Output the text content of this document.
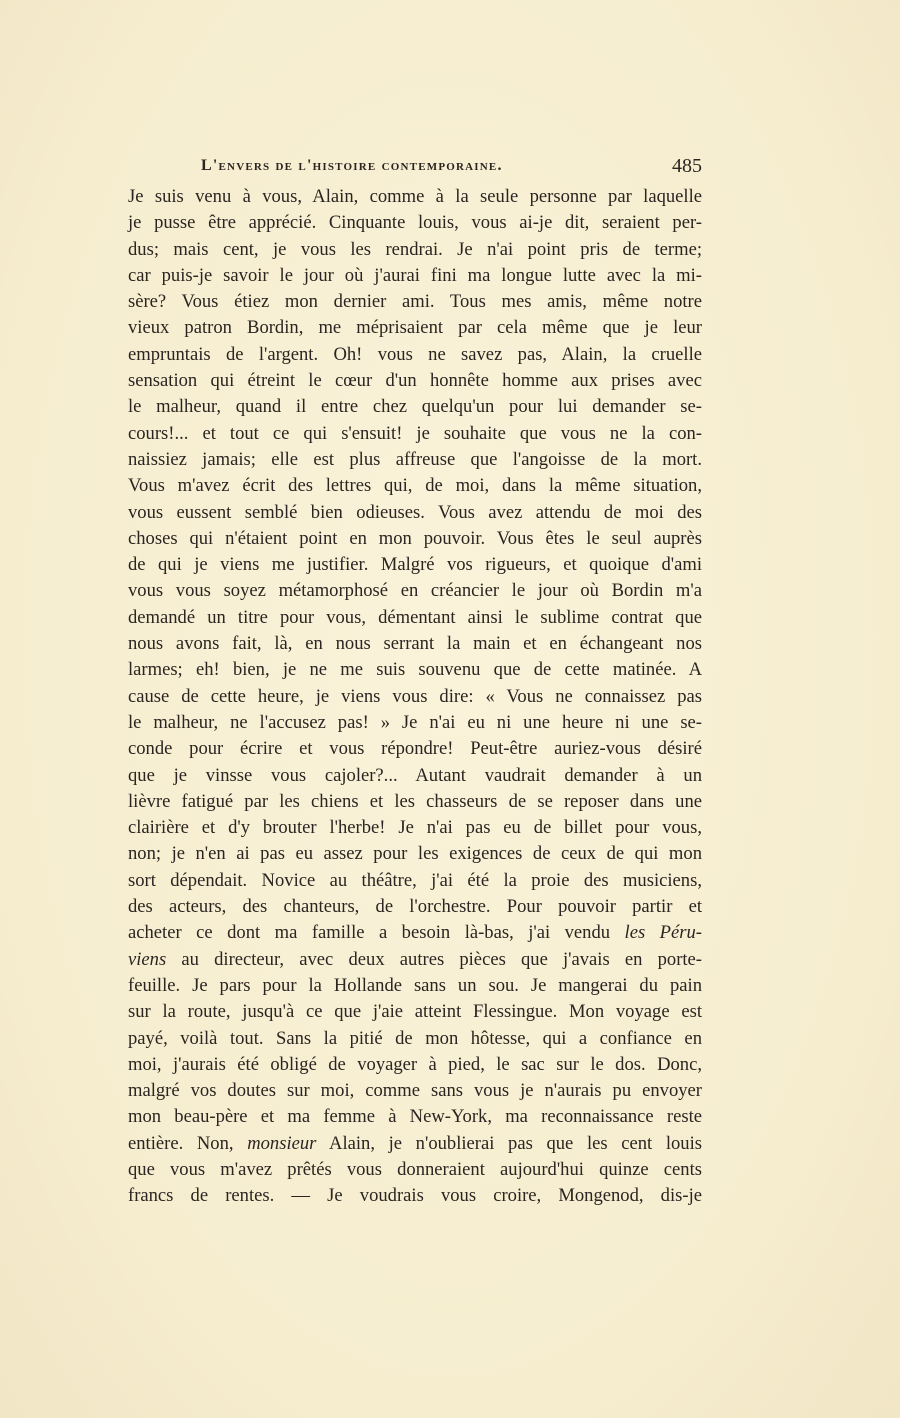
L'envers de l'histoire contemporaine.	485
Je suis venu à vous, Alain, comme à la seule personne par laquelle
je pusse être apprécié. Cinquante louis, vous ai-je dit, seraient per-
dus; mais cent, je vous les rendrai. Je n'ai point pris de terme;
car puis-je savoir le jour où j'aurai fini ma longue lutte avec la mi-
sère? Vous étiez mon dernier ami. Tous mes amis, même notre
vieux patron Bordin, me méprisaient par cela même que je leur
empruntais de l'argent. Oh! vous ne savez pas, Alain, la cruelle
sensation qui étreint le cœur d'un honnête homme aux prises avec
le malheur, quand il entre chez quelqu'un pour lui demander se-
cours!... et tout ce qui s'ensuit! je souhaite que vous ne la con-
naissiez jamais; elle est plus affreuse que l'angoisse de la mort.
Vous m'avez écrit des lettres qui, de moi, dans la même situation,
vous eussent semblé bien odieuses. Vous avez attendu de moi des
choses qui n'étaient point en mon pouvoir. Vous êtes le seul auprès
de qui je viens me justifier. Malgré vos rigueurs, et quoique d'ami
vous vous soyez métamorphosé en créancier le jour où Bordin m'a
demandé un titre pour vous, démentant ainsi le sublime contrat que
nous avons fait, là, en nous serrant la main et en échangeant nos
larmes; eh! bien, je ne me suis souvenu que de cette matinée. A
cause de cette heure, je viens vous dire: « Vous ne connaissez pas
le malheur, ne l'accusez pas! » Je n'ai eu ni une heure ni une se-
conde pour écrire et vous répondre! Peut-être auriez-vous désiré
que je vinsse vous cajoler?... Autant vaudrait demander à un
lièvre fatigué par les chiens et les chasseurs de se reposer dans une
clairière et d'y brouter l'herbe! Je n'ai pas eu de billet pour vous,
non; je n'en ai pas eu assez pour les exigences de ceux de qui mon
sort dépendait. Novice au théâtre, j'ai été la proie des musiciens,
des acteurs, des chanteurs, de l'orchestre. Pour pouvoir partir et
acheter ce dont ma famille a besoin là-bas, j'ai vendu les Péru-
viens au directeur, avec deux autres pièces que j'avais en porte-
feuille. Je pars pour la Hollande sans un sou. Je mangerai du pain
sur la route, jusqu'à ce que j'aie atteint Flessingue. Mon voyage est
payé, voilà tout. Sans la pitié de mon hôtesse, qui a confiance en
moi, j'aurais été obligé de voyager à pied, le sac sur le dos. Donc,
malgré vos doutes sur moi, comme sans vous je n'aurais pu envoyer
mon beau-père et ma femme à New-York, ma reconnaissance reste
entière. Non, monsieur Alain, je n'oublierai pas que les cent louis
que vous m'avez prêtés vous donneraient aujourd'hui quinze cents
francs de rentes. — Je voudrais vous croire, Mongenod, dis-je
